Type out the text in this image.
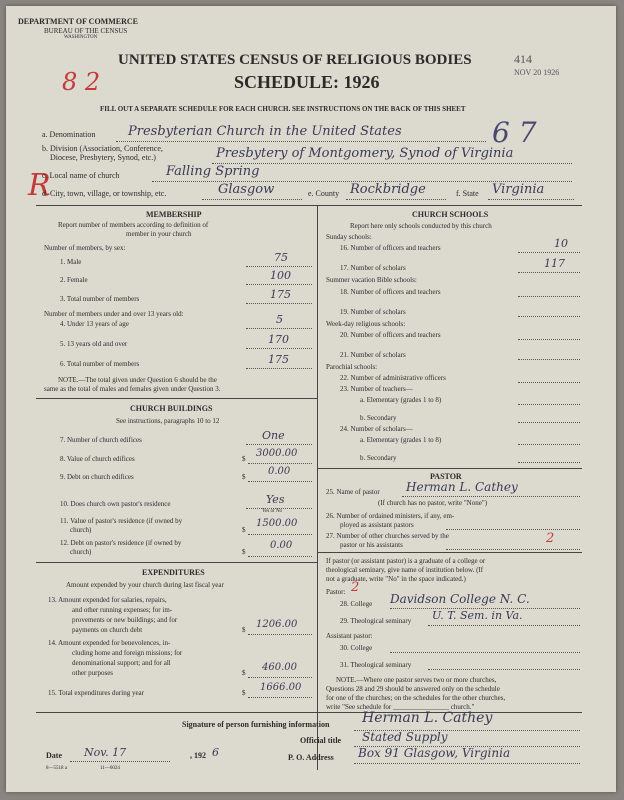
DEPARTMENT OF COMMERCE
BUREAU OF THE CENSUS
WASHINGTON
UNITED STATES CENSUS OF RELIGIOUS BODIES
SCHEDULE: 1926
FILL OUT A SEPARATE SCHEDULE FOR EACH CHURCH. SEE INSTRUCTIONS ON THE BACK OF THIS SHEET
414
NOV 20 1926
8 2
R
6 7
a. Denomination	Presbyterian Church in the United States
b. Division (Association, Conference,
Diocese, Presbytery, Synod, etc.)	Presbytery of Montgomery, Synod of Virginia
c. Local name of church	Falling Spring
d. City, town, village, or township, etc.	Glasgow	e. County Rockbridge	f. State Virginia
MEMBERSHIP
Report number of members according to definition of
member in your church
Number of members, by sex:
1. Male	75
2. Female	100
3. Total number of members	175
Number of members under and over 13 years old:
4. Under 13 years of age	5
5. 13 years old and over	170
6. Total number of members	175
NOTE.—The total given under Question 6 should be the
same as the total of males and females given under Question 3.
CHURCH BUILDINGS
See instructions, paragraphs 10 to 12
7. Number of church edifices	One
8. Value of church edifices	$ 3000.00
9. Debt on church edifices	$ 0.00
10. Does church own pastor's residence	Yes
Yes or No
11. Value of pastor's residence (if owned by
church)	$
1500.00
12. Debt on pastor's residence (if owned by
church)	$
0.00
EXPENDITURES
Amount expended by your church during last fiscal year
13. Amount expended for salaries, repairs,
and other running expenses; for im-
provements or new buildings; and for
payments on church debt	$ 1206.00
14. Amount expended for benevolences, in-
cluding home and foreign missions; for
denominational support; and for all
other purposes	$ 460.00
15. Total expenditures during year	$ 1666.00
CHURCH SCHOOLS
Report here only schools conducted by this church
Sunday schools:
16. Number of officers and teachers	10
17. Number of scholars	117
Summer vacation Bible schools:
18. Number of officers and teachers
19. Number of scholars
Week-day religious schools:
20. Number of officers and teachers
21. Number of scholars
Parochial schools:
22. Number of administrative officers
23. Number of teachers—
a. Elementary (grades 1 to 8)
b. Secondary
24. Number of scholars—
a. Elementary (grades 1 to 8)
b. Secondary
PASTOR
25. Name of pastor Herman L. Cathey
(If church has no pastor, write "None")
26. Number of ordained ministers, if any, em-
ployed as assistant pastors
27. Number of other churches served by the
pastor or his assistants	2
If pastor (or assistant pastor) is a graduate of a college or
theological seminary, give name of institution below. (If
not a graduate, write "No" in the space indicated.)
Pastor: 2
28. College Davidson College N. C.
29. Theological seminary U. T. Sem. in Va.
Assistant pastor:
30. College
31. Theological seminary
NOTE.—Where one pastor serves two or more churches,
Questions 28 and 29 should be answered only on the schedule
for one of the churches; on the schedules for the other churches,
write "See schedule for ________________ church."
Signature of person furnishing information Herman L. Cathey
Official title Stated Supply
Date Nov. 17	, 192 6	P. O. Address Box 91 Glasgow, Virginia
8—5518 a	11—6024
